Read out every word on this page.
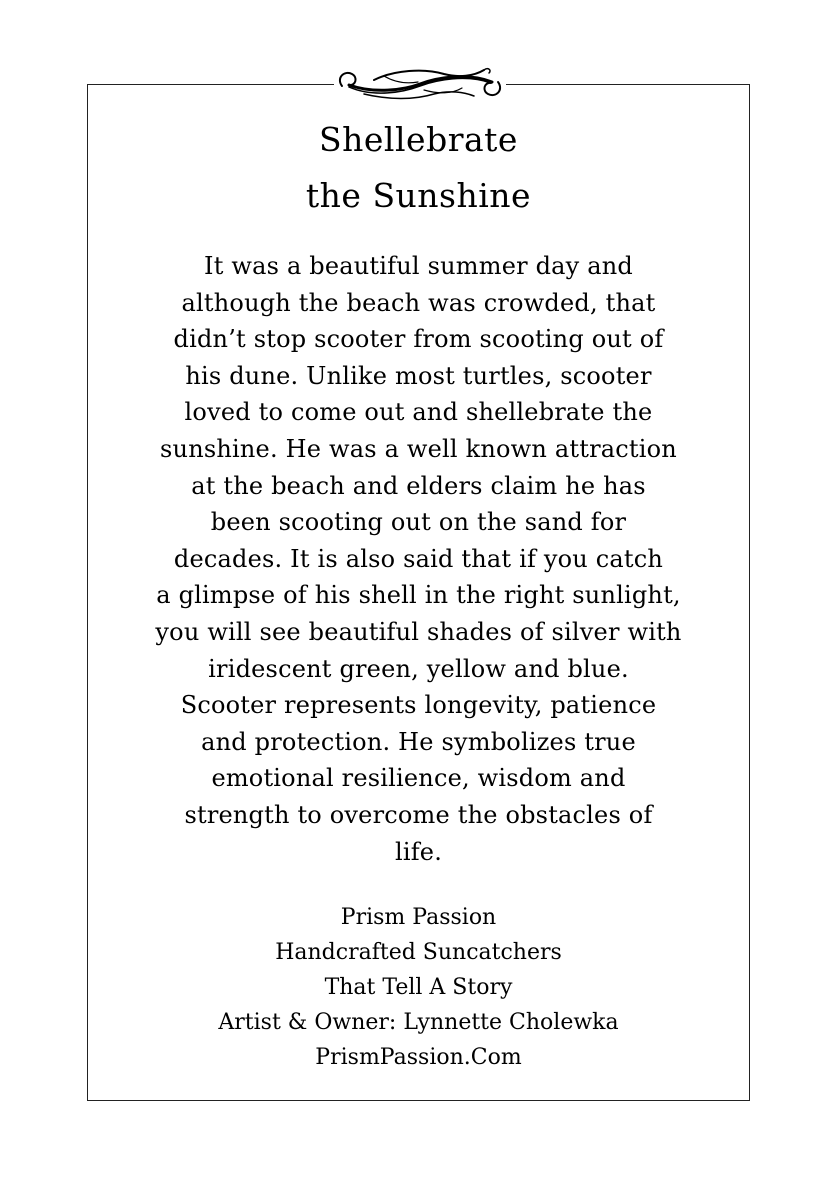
Shellebrate
the Sunshine

It was a beautiful summer day and
although the beach was crowded, that
didn’t stop scooter from scooting out of
his dune. Unlike most turtles, scooter
loved to come out and shellebrate the
sunshine. He was a well known attraction
at the beach and elders claim he has
been scooting out on the sand for
decades. It is also said that if you catch
a glimpse of his shell in the right sunlight,
you will see beautiful shades of silver with
iridescent green, yellow and blue.
Scooter represents longevity, patience
and protection. He symbolizes true
emotional resilience, wisdom and
strength to overcome the obstacles of
life.

Prism Passion
Handcrafted Suncatchers
That Tell A Story
Artist & Owner: Lynnette Cholewka
PrismPassion.Com
